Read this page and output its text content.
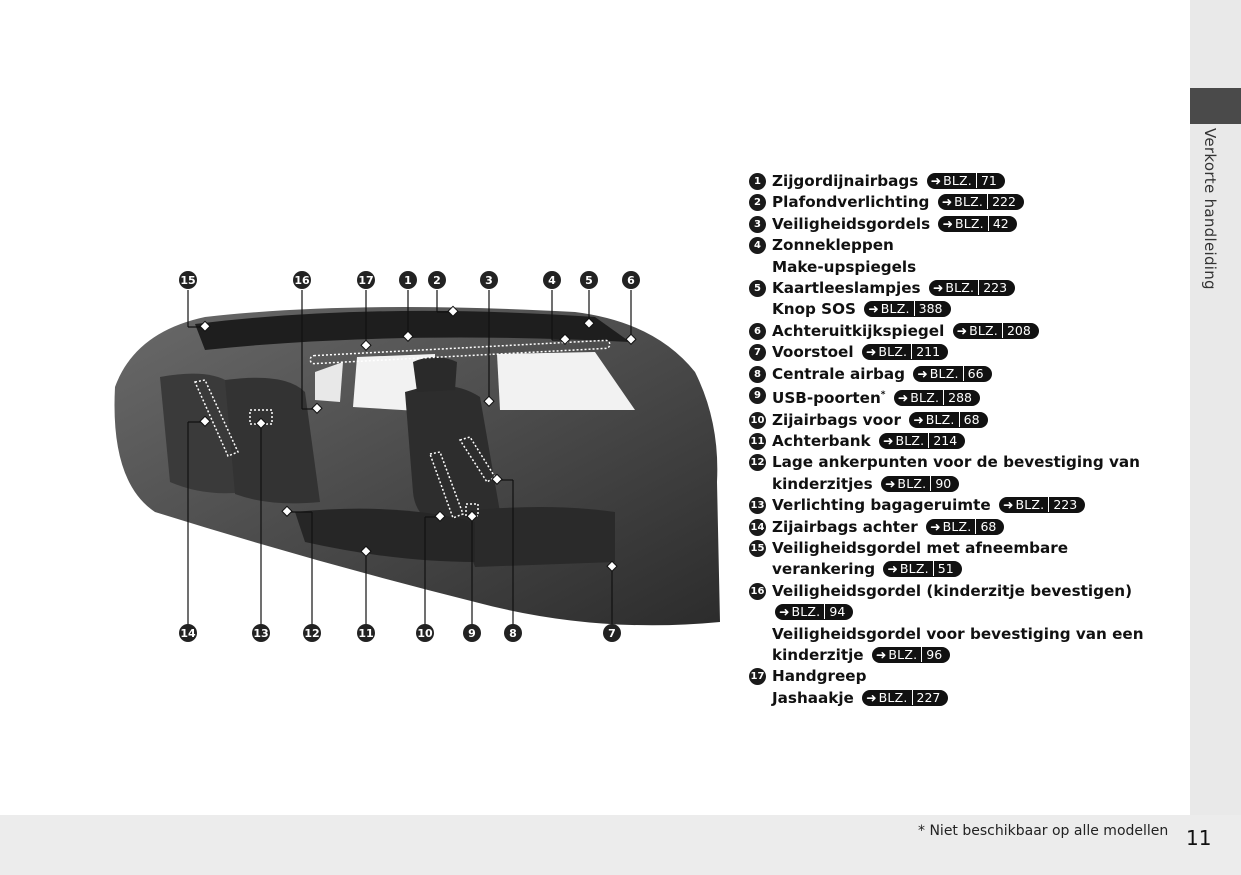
Verkorte handleiding
15	16	17	1 2	3	4	5	6
14	13	12	11	10	9	8	7
1 Zijgordijnairbags ➜ BLZ. 71
2 Plafondverlichting ➜ BLZ. 222
3 Veiligheidsgordels ➜ BLZ. 42
4 Zonnekleppen
Make-upspiegels
5 Kaartleeslampjes ➜ BLZ. 223
Knop SOS ➜ BLZ. 388
6 Achteruitkijkspiegel ➜ BLZ. 208
7 Voorstoel ➜ BLZ. 211
8 Centrale airbag ➜ BLZ. 66
9 USB-poorten* ➜ BLZ. 288
10 Zijairbags voor ➜ BLZ. 68
11 Achterbank ➜ BLZ. 214
12 Lage ankerpunten voor de bevestiging van kinderzitjes ➜ BLZ. 90
13 Verlichting bagageruimte ➜ BLZ. 223
14 Zijairbags achter ➜ BLZ. 68
15 Veiligheidsgordel met afneembare verankering ➜ BLZ. 51
16 Veiligheidsgordel (kinderzitje bevestigen) ➜ BLZ. 94
Veiligheidsgordel voor bevestiging van een kinderzitje ➜ BLZ. 96
17 Handgreep
Jashaakje ➜ BLZ. 227
* Niet beschikbaar op alle modellen 11
